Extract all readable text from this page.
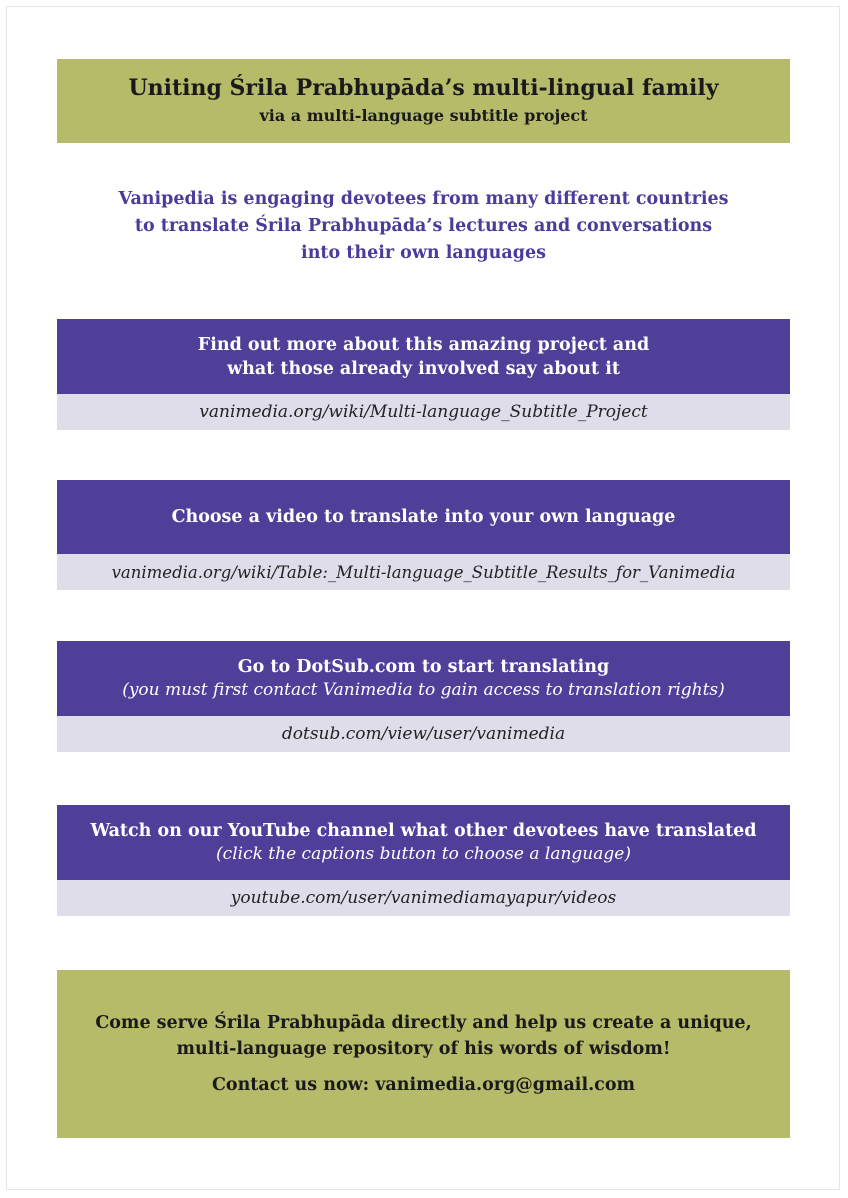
Uniting Śrila Prabhupāda’s multi-lingual family
via a multi-language subtitle project
Vanipedia is engaging devotees from many different countries
to translate Śrila Prabhupāda’s lectures and conversations
into their own languages
Find out more about this amazing project and
what those already involved say about it
vanimedia.org/wiki/Multi-language_Subtitle_Project
Choose a video to translate into your own language
vanimedia.org/wiki/Table:_Multi-language_Subtitle_Results_for_Vanimedia
Go to DotSub.com to start translating
(you must first contact Vanimedia to gain access to translation rights)
dotsub.com/view/user/vanimedia
Watch on our YouTube channel what other devotees have translated
(click the captions button to choose a language)
youtube.com/user/vanimediamayapur/videos
Come serve Śrila Prabhupāda directly and help us create a unique,
multi-language repository of his words of wisdom!
Contact us now: vanimedia.org@gmail.com
